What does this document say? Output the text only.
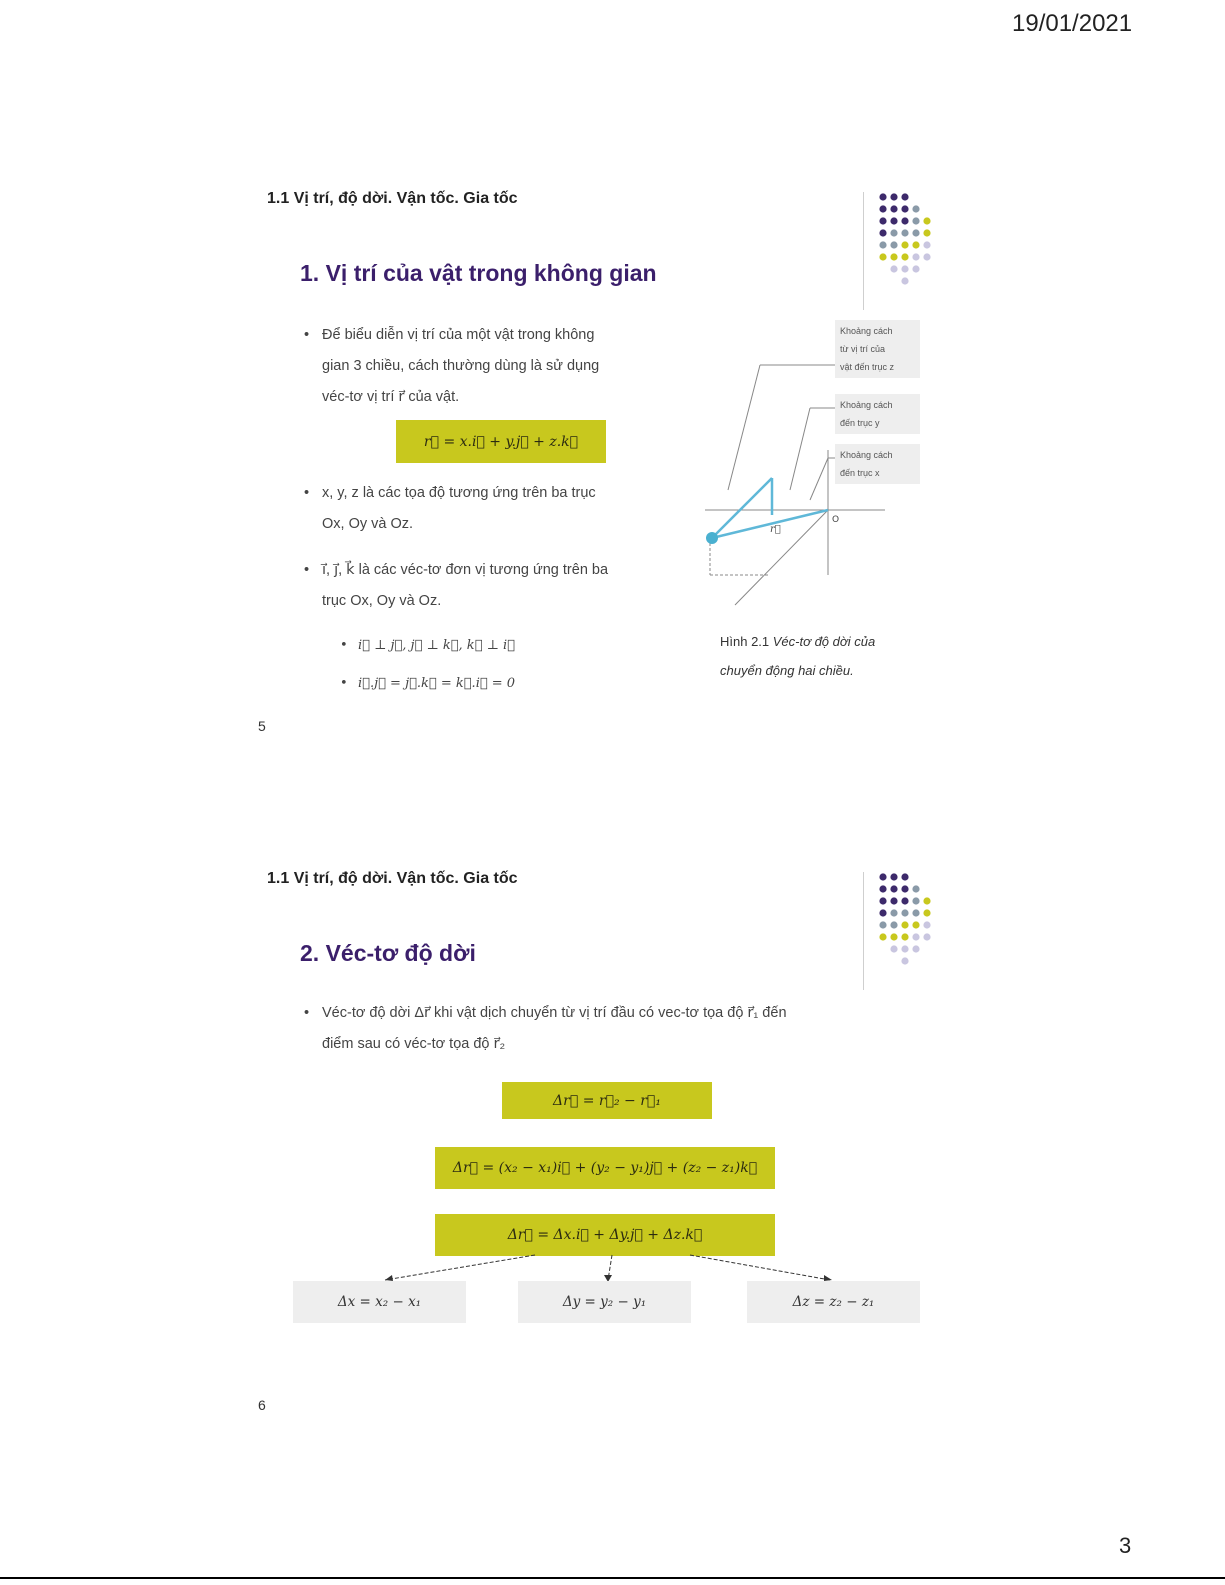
19/01/2021
1.1 Vị trí, độ dời. Vận tốc. Gia tốc
1. Vị trí của vật trong không gian
• Để biểu diễn vị trí của một vật trong không
gian 3 chiều, cách thường dùng là sử dụng
véc-tơ vị trí r⃗ của vật.
r⃗ = x.i⃗ + y.j⃗ + z.k⃗
• x, y, z là các tọa độ tương ứng trên ba trục
Ox, Oy và Oz.
• i⃗, j⃗, k⃗ là các véc-tơ đơn vị tương ứng trên ba
trục Ox, Oy và Oz.
• i⃗ ⊥ j⃗, j⃗ ⊥ k⃗, k⃗ ⊥ i⃗
• i⃗.j⃗ = j⃗.k⃗ = k⃗.i⃗ = 0
O
r⃗
Khoảng cách
từ vị trí của
vật đến trục z
Khoảng cách
đến trục y
Khoảng cách
đến trục x
Hình 2.1 Véc-tơ độ dời của
chuyển động hai chiều.
5
1.1 Vị trí, độ dời. Vận tốc. Gia tốc
2. Véc-tơ độ dời
• Véc-tơ độ dời Δr⃗ khi vật dịch chuyển từ vị trí đầu có vec-tơ tọa độ r⃗₁ đến
điểm sau có véc-tơ tọa độ r⃗₂
Δr⃗ = r⃗₂ − r⃗₁
Δr⃗ = (x₂ − x₁)i⃗ + (y₂ − y₁)j⃗ + (z₂ − z₁)k⃗
Δr⃗ = Δx.i⃗ + Δy.j⃗ + Δz.k⃗
Δx = x₂ − x₁	Δy = y₂ − y₁	Δz = z₂ − z₁
6
3
